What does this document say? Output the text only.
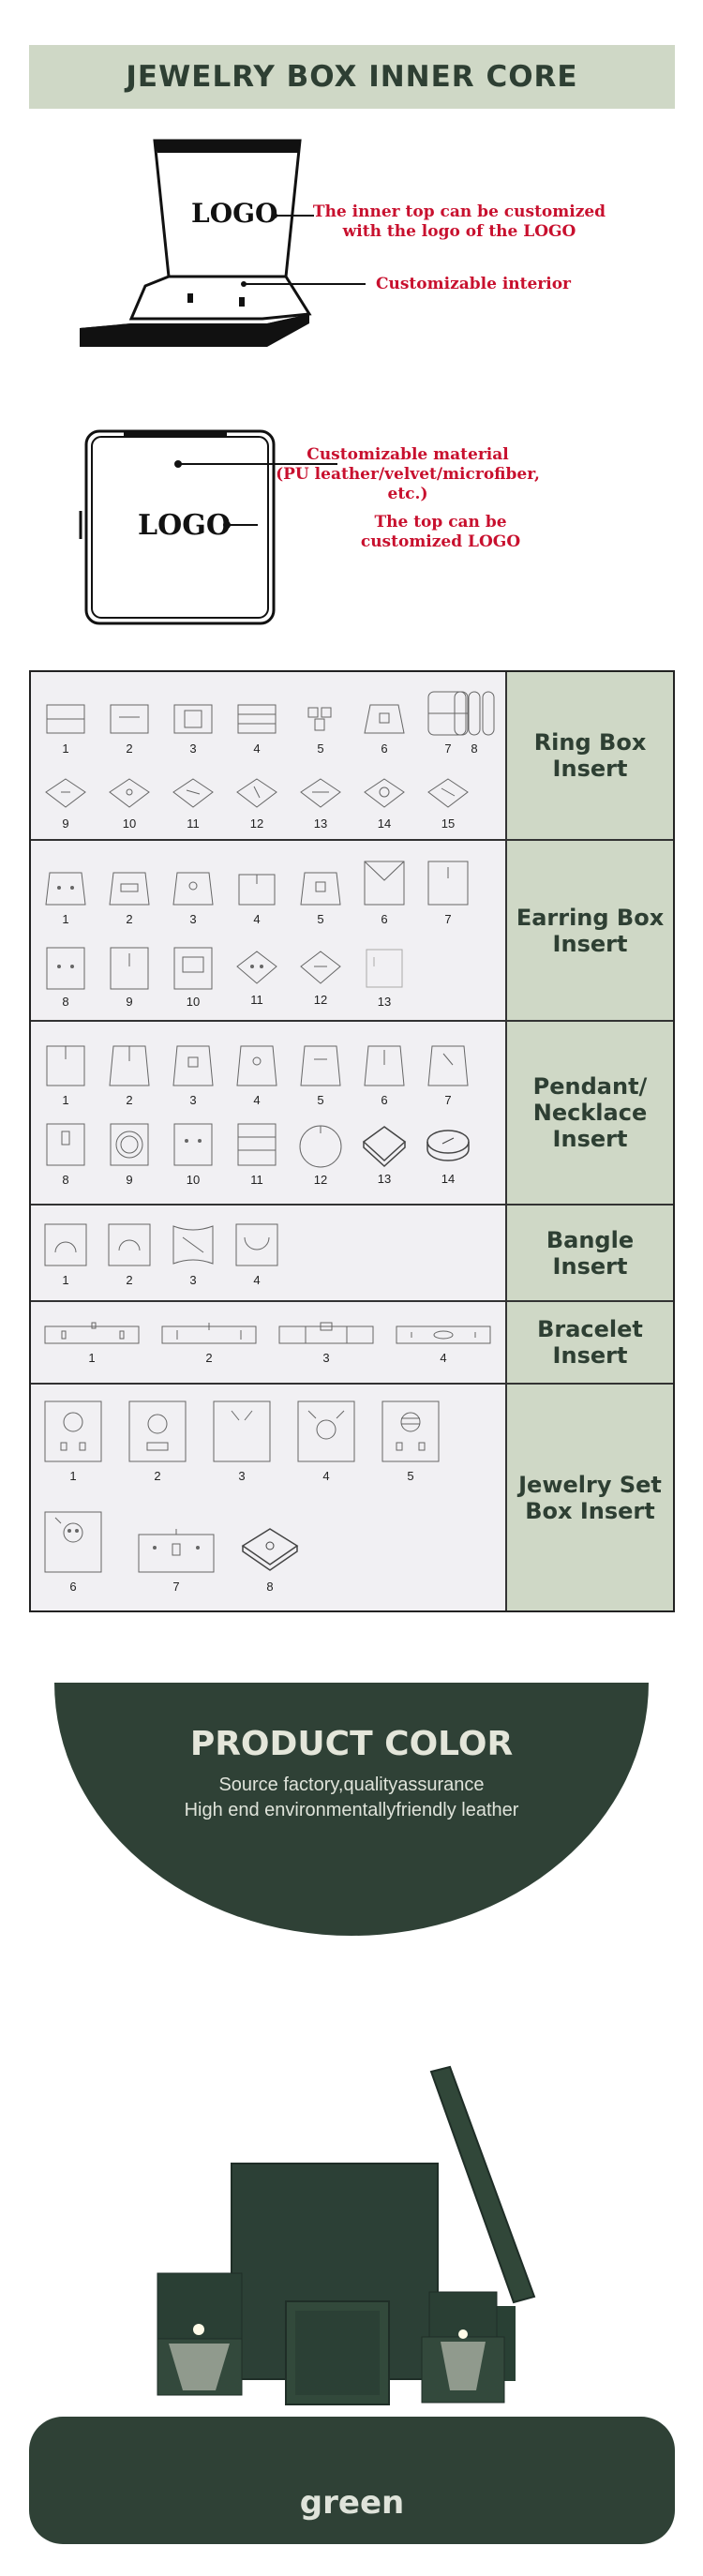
JEWELRY BOX INNER CORE
LOGO The inner top can be customized
with the logo of the LOGO
Customizable interior
LOGO
Customizable material
(PU leather/velvet/microfiber, etc.)
The top can be
customized LOGO
1	2	3	4	5	6	7	8
9	10	11	12	13	14	15
Ring Box Insert
1	2	3	4	5	6	7
8	9	10	11	12	13
Earring Box Insert
1	2	3	4	5	6	7
8	9	10	11	12	13	14
Pendant/ Necklace Insert
1	2	3	4
Bangle Insert
1	2	3	4
Bracelet Insert
1	2	3	4	5
6	7	8
Jewelry Set Box Insert
PRODUCT COLOR
Source factory,qualityassurance
High end environmentallyfriendly leather
green
